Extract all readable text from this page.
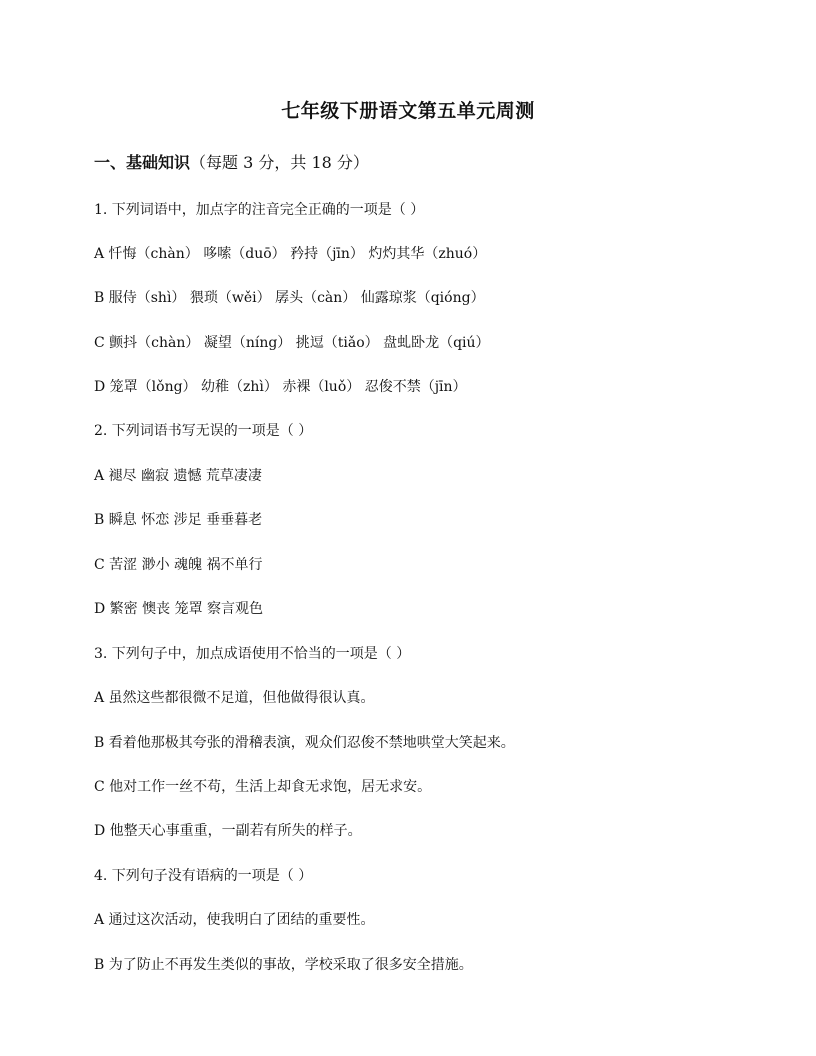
七年级下册语文第五单元周测
一、基础知识（每题 3 分，共 18 分）
1. 下列词语中，加点字的注音完全正确的一项是（ ）
A 忏悔（chàn） 哆嗦（duō） 矜持（jīn） 灼灼其华（zhuó）
B 服侍（shì） 猥琐（wěi） 孱头（càn） 仙露琼浆（qióng）
C 颤抖（chàn） 凝望（níng） 挑逗（tiǎo） 盘虬卧龙（qiú）
D 笼罩（lǒng） 幼稚（zhì） 赤裸（luǒ） 忍俊不禁（jīn）
2. 下列词语书写无误的一项是（ ）
A 褪尽 幽寂 遗憾 荒草凄凄
B 瞬息 怀恋 涉足 垂垂暮老
C 苦涩 渺小 魂魄 祸不单行
D 繁密 懊丧 笼罩 察言观色
3. 下列句子中，加点成语使用不恰当的一项是（ ）
A 虽然这些都很微不足道，但他做得很认真。
B 看着他那极其夸张的滑稽表演，观众们忍俊不禁地哄堂大笑起来。
C 他对工作一丝不苟，生活上却食无求饱，居无求安。
D 他整天心事重重，一副若有所失的样子。
4. 下列句子没有语病的一项是（ ）
A 通过这次活动，使我明白了团结的重要性。
B 为了防止不再发生类似的事故，学校采取了很多安全措施。
